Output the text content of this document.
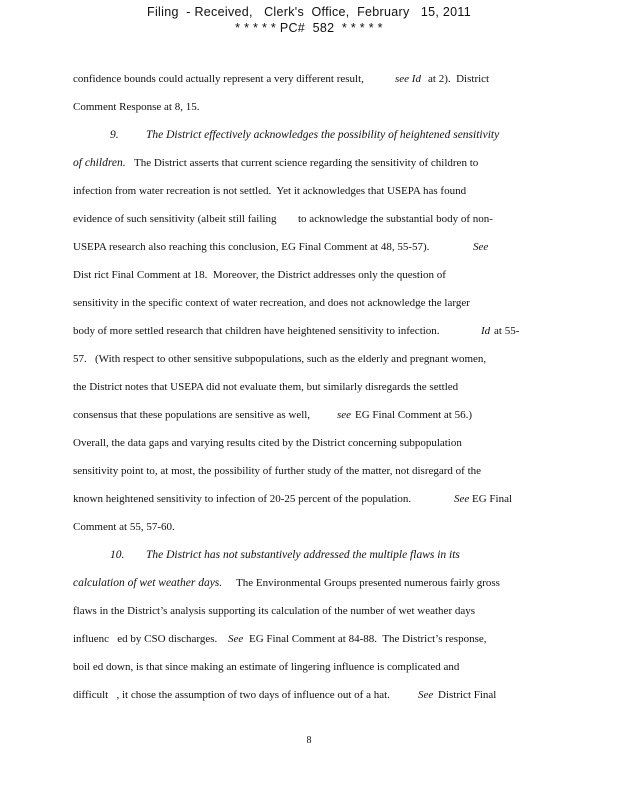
Filing  - Received,   Clerk's  Office,  February   15, 2011
* * * * * PC#  582  * * * * *

confidence bounds could actually represent a very different result,

	see Id

at 2).  District

Comment Response at 8, 15.

9.

The District effectively acknowledges the possibility of heightened sensitivity

of children.

The District asserts that current science regarding the sensitivity of children to

infection from water recreation is not settled.  Yet it acknowledges that USEPA has found

evidence of such sensitivity (albeit still failing

to acknowledge the substantial body of non-

USEPA research also reaching this conclusion, EG Final Comment at 48, 55-57).

	See

Dist rict Final Comment at 18.  Moreover, the District addresses only the question of

sensitivity in the specific context of water recreation, and does not acknowledge the larger

body of more settled research that children have heightened sensitivity to infection.

	Id

at 55-

57.   (With respect to other sensitive subpopulations, such as the elderly and pregnant women,

the District notes that USEPA did not evaluate them, but similarly disregards the settled

consensus that these populations are sensitive as well,

see

EG Final Comment at 56.)

Overall, the data gaps and varying results cited by the District concerning subpopulation

sensitivity point to, at most, the possibility of further study of the matter, not disregard of the

known heightened sensitivity to infection of 20-25 percent of the population.

	See

EG Final

Comment at 55, 57-60.

10.

The District has not substantively addressed the multiple flaws in its

calculation of wet weather days.

The Environmental Groups presented numerous fairly gross

flaws in the District’s analysis supporting its calculation of the number of wet weather days

influenc   ed by CSO discharges.

See

EG Final Comment at 84-88.  The District’s response,

boil ed down, is that since making an estimate of lingering influence is complicated and

difficult   , it chose the assumption of two days of influence out of a hat.

	See

District Final

8
